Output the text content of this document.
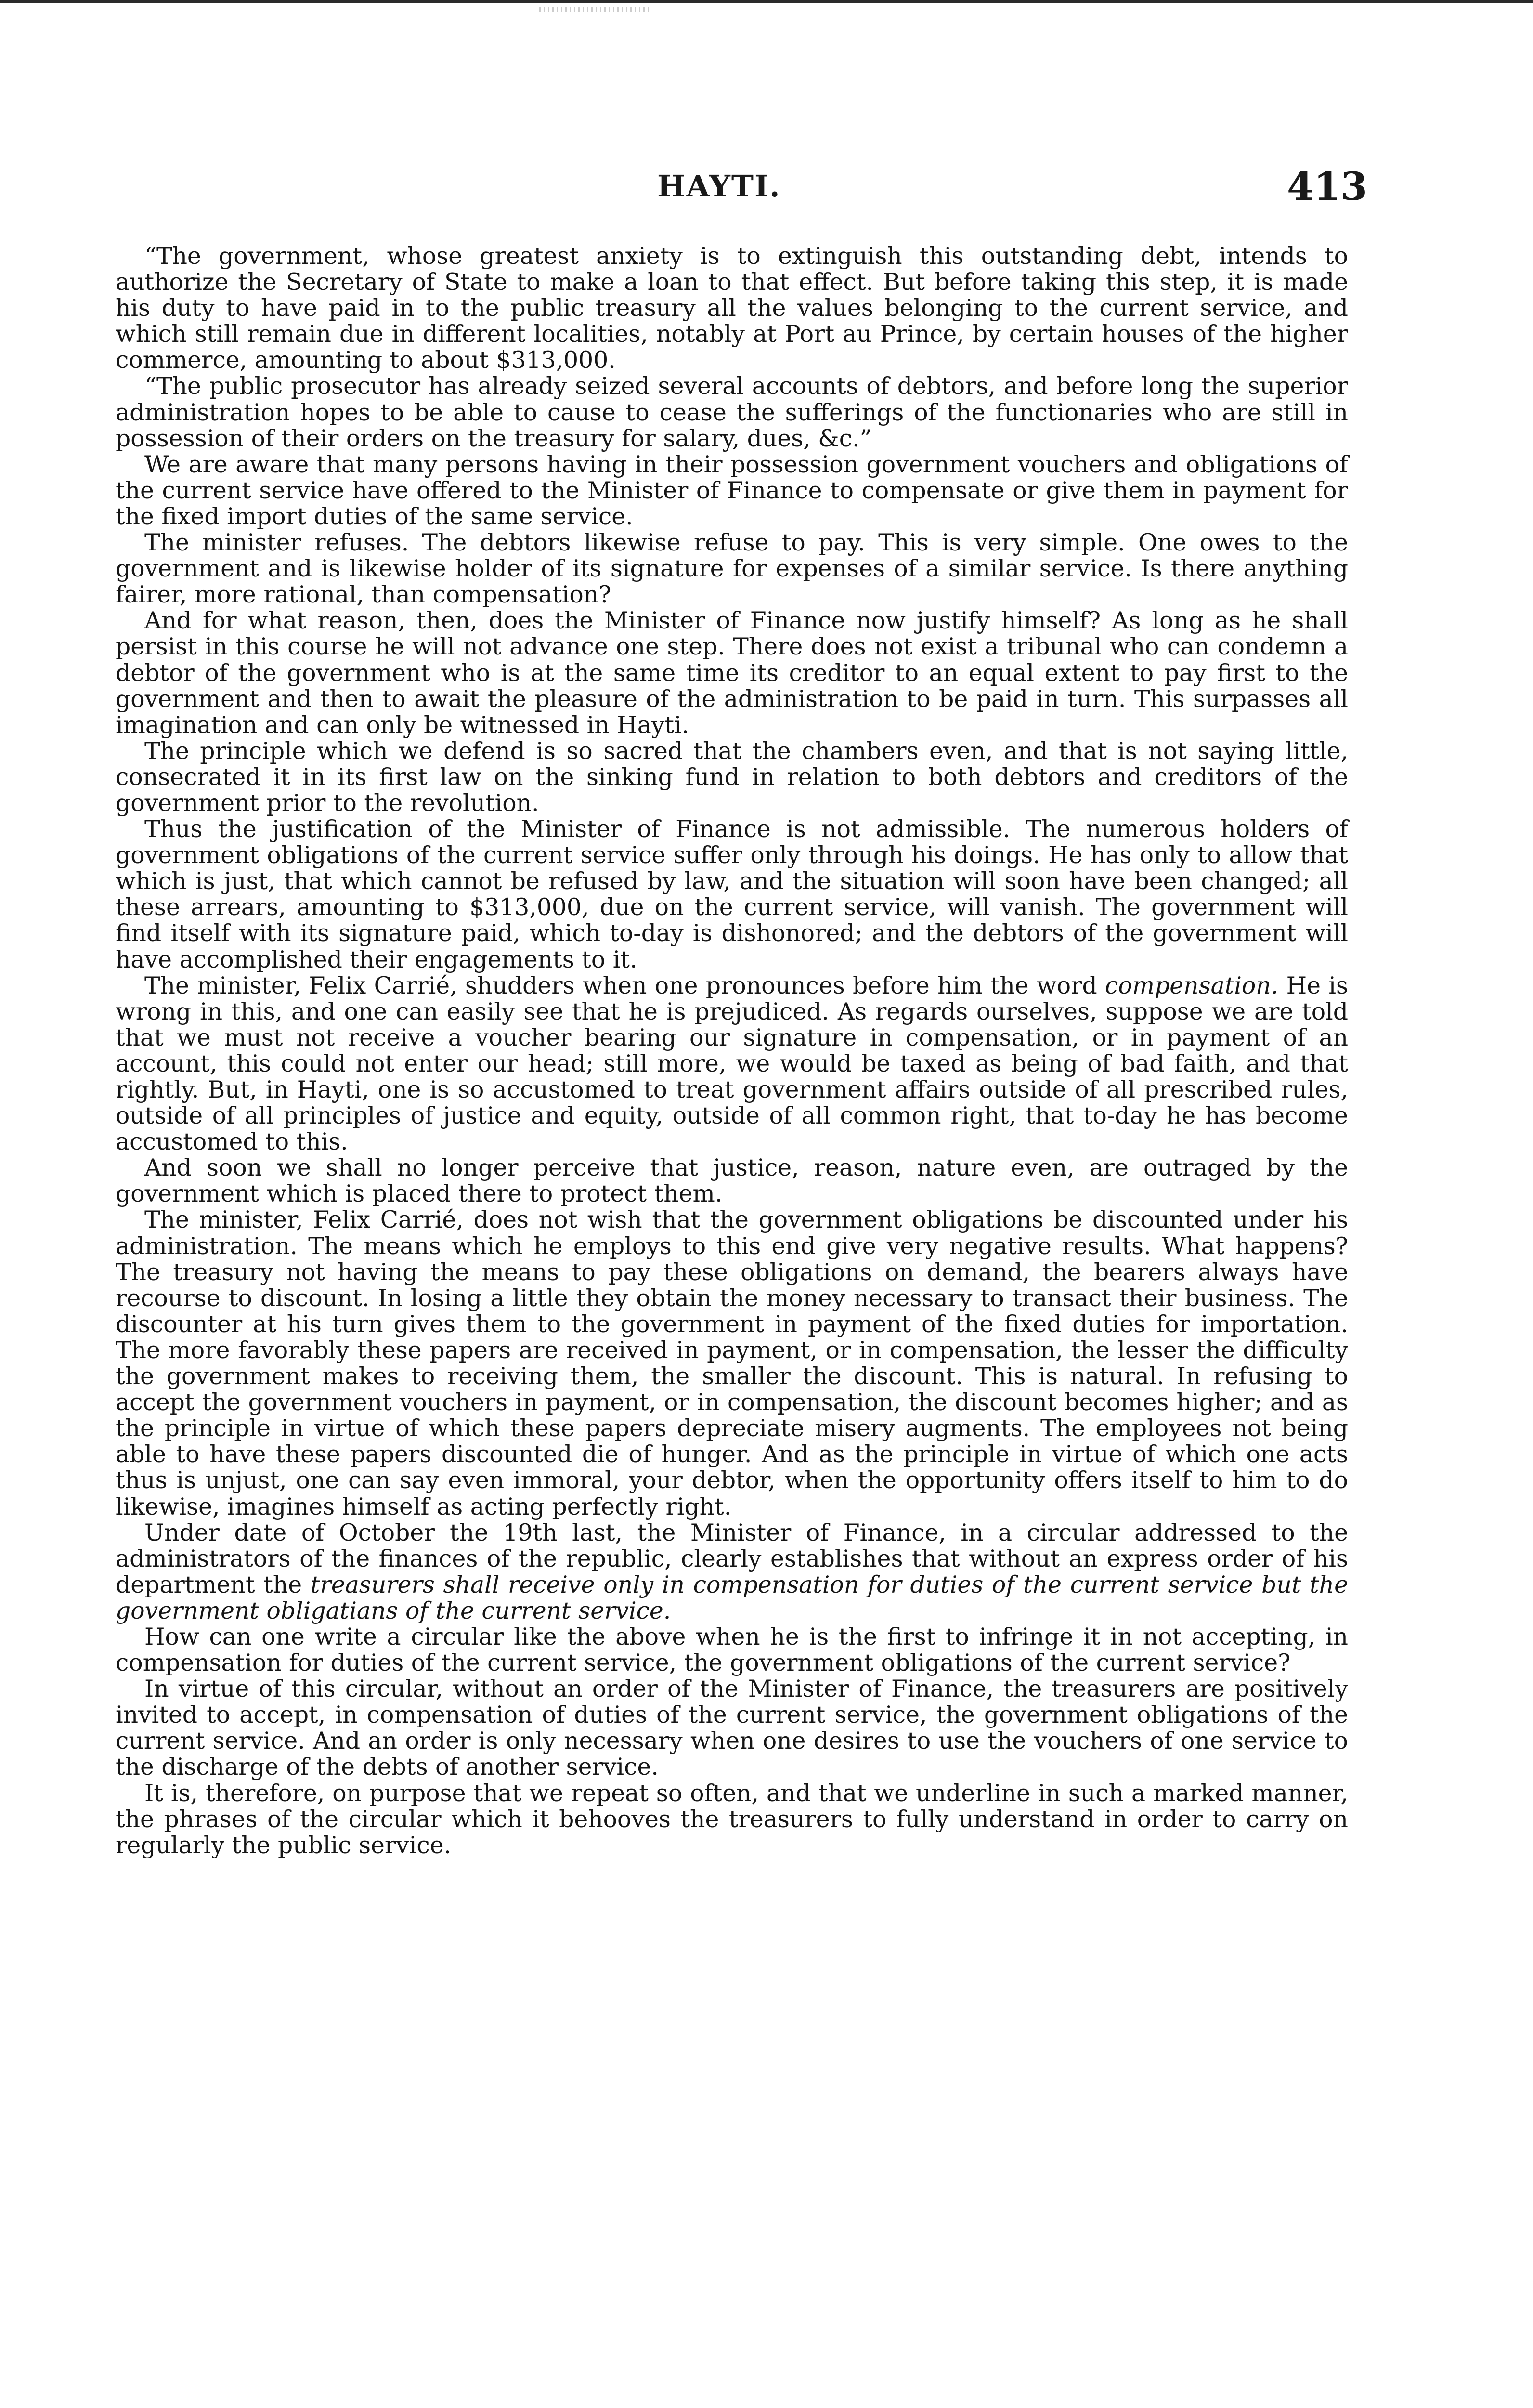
HAYTI.	413

“The government, whose greatest anxiety is to extinguish this outstanding debt, intends to authorize the Secretary of State to make a loan to that effect. But before taking this step, it is made his duty to have paid in to the public treasury all the values belonging to the current service, and which still remain due in different localities, notably at Port au Prince, by certain houses of the higher commerce, amounting to about $313,000.

“The public prosecutor has already seized several accounts of debtors, and before long the superior administration hopes to be able to cause to cease the sufferings of the functionaries who are still in possession of their orders on the treasury for salary, dues, &c.”

We are aware that many persons having in their possession government vouchers and obligations of the current service have offered to the Minister of Finance to compensate or give them in payment for the fixed import duties of the same service.

The minister refuses. The debtors likewise refuse to pay. This is very simple. One owes to the government and is likewise holder of its signature for expenses of a similar service. Is there anything fairer, more rational, than compensation?

And for what reason, then, does the Minister of Finance now justify himself? As long as he shall persist in this course he will not advance one step. There does not exist a tribunal who can condemn a debtor of the government who is at the same time its creditor to an equal extent to pay first to the government and then to await the pleasure of the administration to be paid in turn. This surpasses all imagination and can only be witnessed in Hayti.

The principle which we defend is so sacred that the chambers even, and that is not saying little, consecrated it in its first law on the sinking fund in relation to both debtors and creditors of the government prior to the revolution.

Thus the justification of the Minister of Finance is not admissible. The numerous holders of government obligations of the current service suffer only through his doings. He has only to allow that which is just, that which cannot be refused by law, and the situation will soon have been changed; all these arrears, amounting to $313,000, due on the current service, will vanish. The government will find itself with its signature paid, which to-day is dishonored; and the debtors of the government will have accomplished their engagements to it.

The minister, Felix Carrié, shudders when one pronounces before him the word compensation. He is wrong in this, and one can easily see that he is prejudiced. As regards ourselves, suppose we are told that we must not receive a voucher bearing our signature in compensation, or in payment of an account, this could not enter our head; still more, we would be taxed as being of bad faith, and that rightly. But, in Hayti, one is so accustomed to treat government affairs outside of all prescribed rules, outside of all principles of justice and equity, outside of all common right, that to-day he has become accustomed to this.

And soon we shall no longer perceive that justice, reason, nature even, are outraged by the government which is placed there to protect them.

The minister, Felix Carrié, does not wish that the government obligations be discounted under his administration. The means which he employs to this end give very negative results. What happens? The treasury not having the means to pay these obligations on demand, the bearers always have recourse to discount. In losing a little they obtain the money necessary to transact their business. The discounter at his turn gives them to the government in payment of the fixed duties for importation. The more favorably these papers are received in payment, or in compensation, the lesser the difficulty the government makes to receiving them, the smaller the discount. This is natural. In refusing to accept the government vouchers in payment, or in compensation, the discount becomes higher; and as the principle in virtue of which these papers depreciate misery augments. The employees not being able to have these papers discounted die of hunger. And as the principle in virtue of which one acts thus is unjust, one can say even immoral, your debtor, when the opportunity offers itself to him to do likewise, imagines himself as acting perfectly right.

Under date of October the 19th last, the Minister of Finance, in a circular addressed to the administrators of the finances of the republic, clearly establishes that without an express order of his department the treasurers shall receive only in compensation for duties of the current service but the government obligatians of the current service.

How can one write a circular like the above when he is the first to infringe it in not accepting, in compensation for duties of the current service, the government obligations of the current service?

In virtue of this circular, without an order of the Minister of Finance, the treasurers are positively invited to accept, in compensation of duties of the current service, the government obligations of the current service. And an order is only necessary when one desires to use the vouchers of one service to the discharge of the debts of another service.

It is, therefore, on purpose that we repeat so often, and that we underline in such a marked manner, the phrases of the circular which it behooves the treasurers to fully understand in order to carry on regularly the public service.
